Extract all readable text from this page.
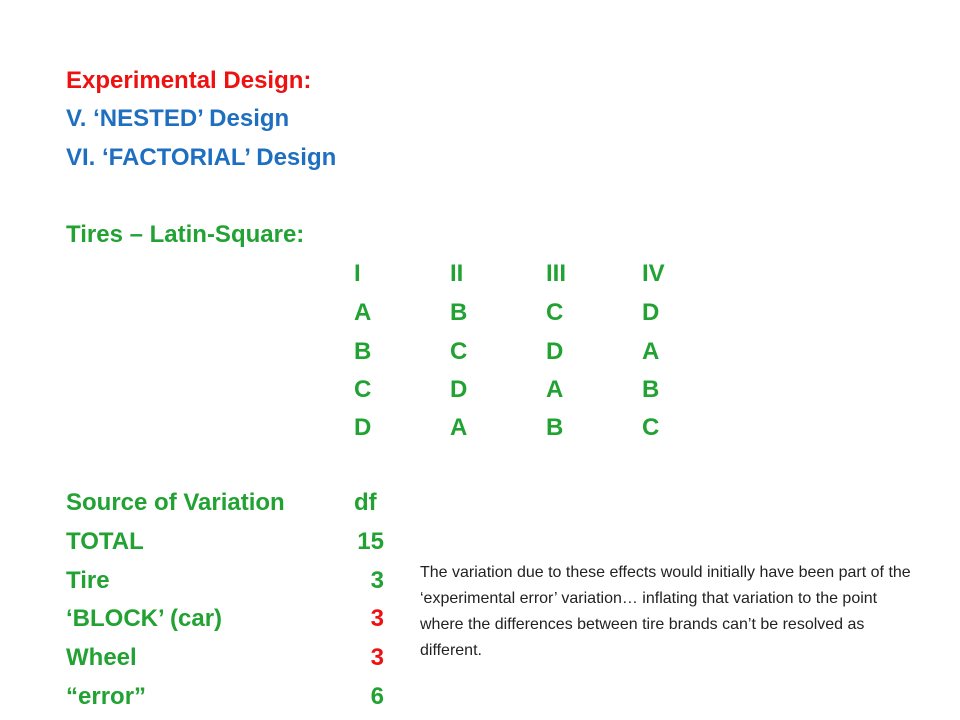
Experimental Design:
V. ‘NESTED’ Design
VI. ‘FACTORIAL’ Design
Tires – Latin-Square:
I	II	III	IV
A	B	C	D
B	C	D	A
C	D	A	B
D	A	B	C
Source of Variation	df
TOTAL	15
Tire	3
‘BLOCK’ (car)	3
Wheel	3
“error”	6
The variation due to these effects would initially have been part of the ‘experimental error’ variation… inflating that variation to the point where the differences between tire brands can’t be resolved as different.
